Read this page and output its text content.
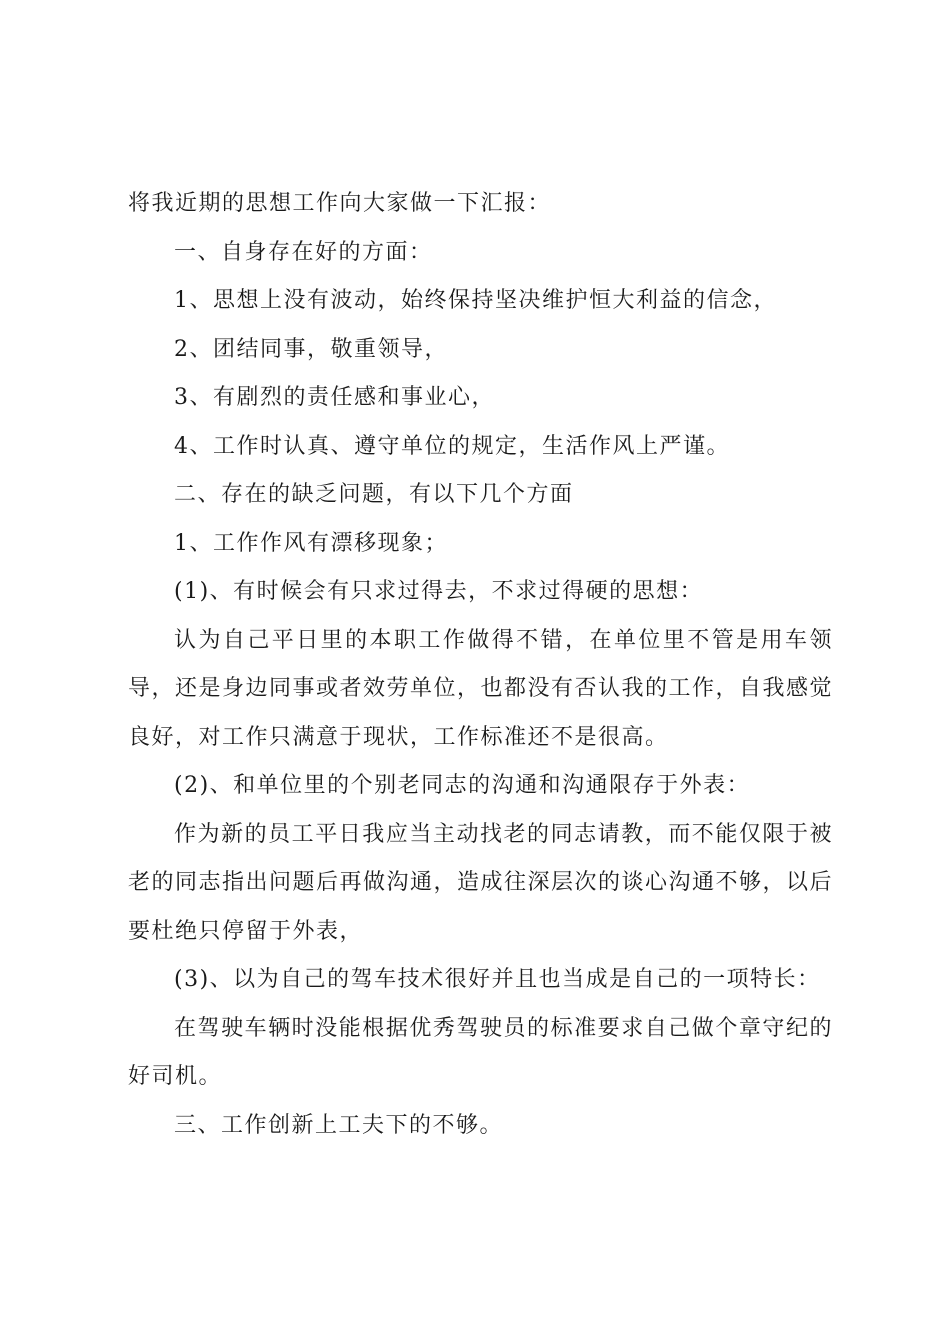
将我近期的思想工作向大家做一下汇报：

一、自身存在好的方面：

1、思想上没有波动，始终保持坚决维护恒大利益的信念，

2、团结同事，敬重领导，

3、有剧烈的责任感和事业心，

4、工作时认真、遵守单位的规定，生活作风上严谨。

二、存在的缺乏问题，有以下几个方面

1、工作作风有漂移现象；

(1)、有时候会有只求过得去，不求过得硬的思想：

认为自己平日里的本职工作做得不错，在单位里不管是用车领导，还是身边同事或者效劳单位，也都没有否认我的工作，自我感觉良好，对工作只满意于现状，工作标准还不是很高。

(2)、和单位里的个别老同志的沟通和沟通限存于外表：

作为新的员工平日我应当主动找老的同志请教，而不能仅限于被老的同志指出问题后再做沟通，造成往深层次的谈心沟通不够，以后要杜绝只停留于外表，

(3)、以为自己的驾车技术很好并且也当成是自己的一项特长：

在驾驶车辆时没能根据优秀驾驶员的标准要求自己做个章守纪的好司机。

三、工作创新上工夫下的不够。
